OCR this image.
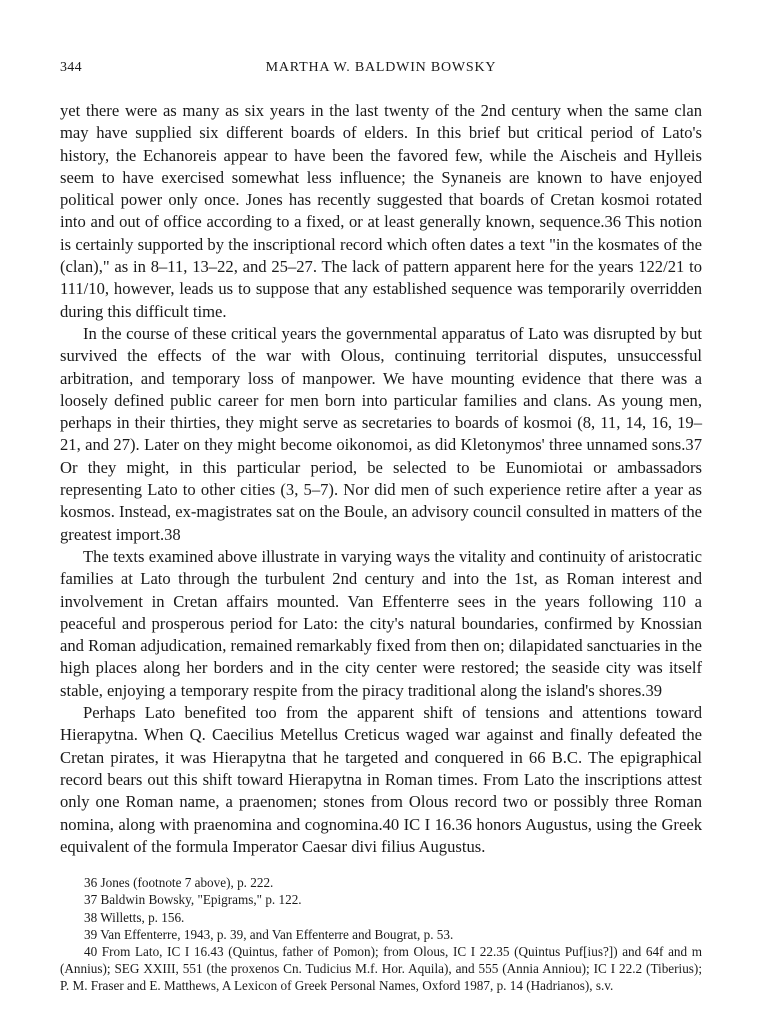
344	MARTHA W. BALDWIN BOWSKY

yet there were as many as six years in the last twenty of the 2nd century when the same clan may have supplied six different boards of elders. In this brief but critical period of Lato's history, the Echanoreis appear to have been the favored few, while the Aischeis and Hylleis seem to have exercised somewhat less influence; the Synaneis are known to have enjoyed political power only once. Jones has recently suggested that boards of Cretan kosmoi rotated into and out of office according to a fixed, or at least generally known, sequence.36 This notion is certainly supported by the inscriptional record which often dates a text "in the kosmates of the (clan)," as in 8–11, 13–22, and 25–27. The lack of pattern apparent here for the years 122/21 to 111/10, however, leads us to suppose that any established sequence was temporarily overridden during this difficult time.

In the course of these critical years the governmental apparatus of Lato was disrupted by but survived the effects of the war with Olous, continuing territorial disputes, unsuccessful arbitration, and temporary loss of manpower. We have mounting evidence that there was a loosely defined public career for men born into particular families and clans. As young men, perhaps in their thirties, they might serve as secretaries to boards of kosmoi (8, 11, 14, 16, 19–21, and 27). Later on they might become oikonomoi, as did Kletonymos' three unnamed sons.37 Or they might, in this particular period, be selected to be Eunomiotai or ambassadors representing Lato to other cities (3, 5–7). Nor did men of such experience retire after a year as kosmos. Instead, ex-magistrates sat on the Boule, an advisory council consulted in matters of the greatest import.38

The texts examined above illustrate in varying ways the vitality and continuity of aristocratic families at Lato through the turbulent 2nd century and into the 1st, as Roman interest and involvement in Cretan affairs mounted. Van Effenterre sees in the years following 110 a peaceful and prosperous period for Lato: the city's natural boundaries, confirmed by Knossian and Roman adjudication, remained remarkably fixed from then on; dilapidated sanctuaries in the high places along her borders and in the city center were restored; the seaside city was itself stable, enjoying a temporary respite from the piracy traditional along the island's shores.39

Perhaps Lato benefited too from the apparent shift of tensions and attentions toward Hierapytna. When Q. Caecilius Metellus Creticus waged war against and finally defeated the Cretan pirates, it was Hierapytna that he targeted and conquered in 66 B.C. The epigraphical record bears out this shift toward Hierapytna in Roman times. From Lato the inscriptions attest only one Roman name, a praenomen; stones from Olous record two or possibly three Roman nomina, along with praenomina and cognomina.40 IC I 16.36 honors Augustus, using the Greek equivalent of the formula Imperator Caesar divi filius Augustus.

36 Jones (footnote 7 above), p. 222.

37 Baldwin Bowsky, "Epigrams," p. 122.

38 Willetts, p. 156.

39 Van Effenterre, 1943, p. 39, and Van Effenterre and Bougrat, p. 53.

40 From Lato, IC I 16.43 (Quintus, father of Pomon); from Olous, IC I 22.35 (Quintus Puf[ius?]) and 64f and m (Annius); SEG XXIII, 551 (the proxenos Cn. Tudicius M.f. Hor. Aquila), and 555 (Annia Anniou); IC I 22.2 (Tiberius); P. M. Fraser and E. Matthews, A Lexicon of Greek Personal Names, Oxford 1987, p. 14 (Hadrianos), s.v.
